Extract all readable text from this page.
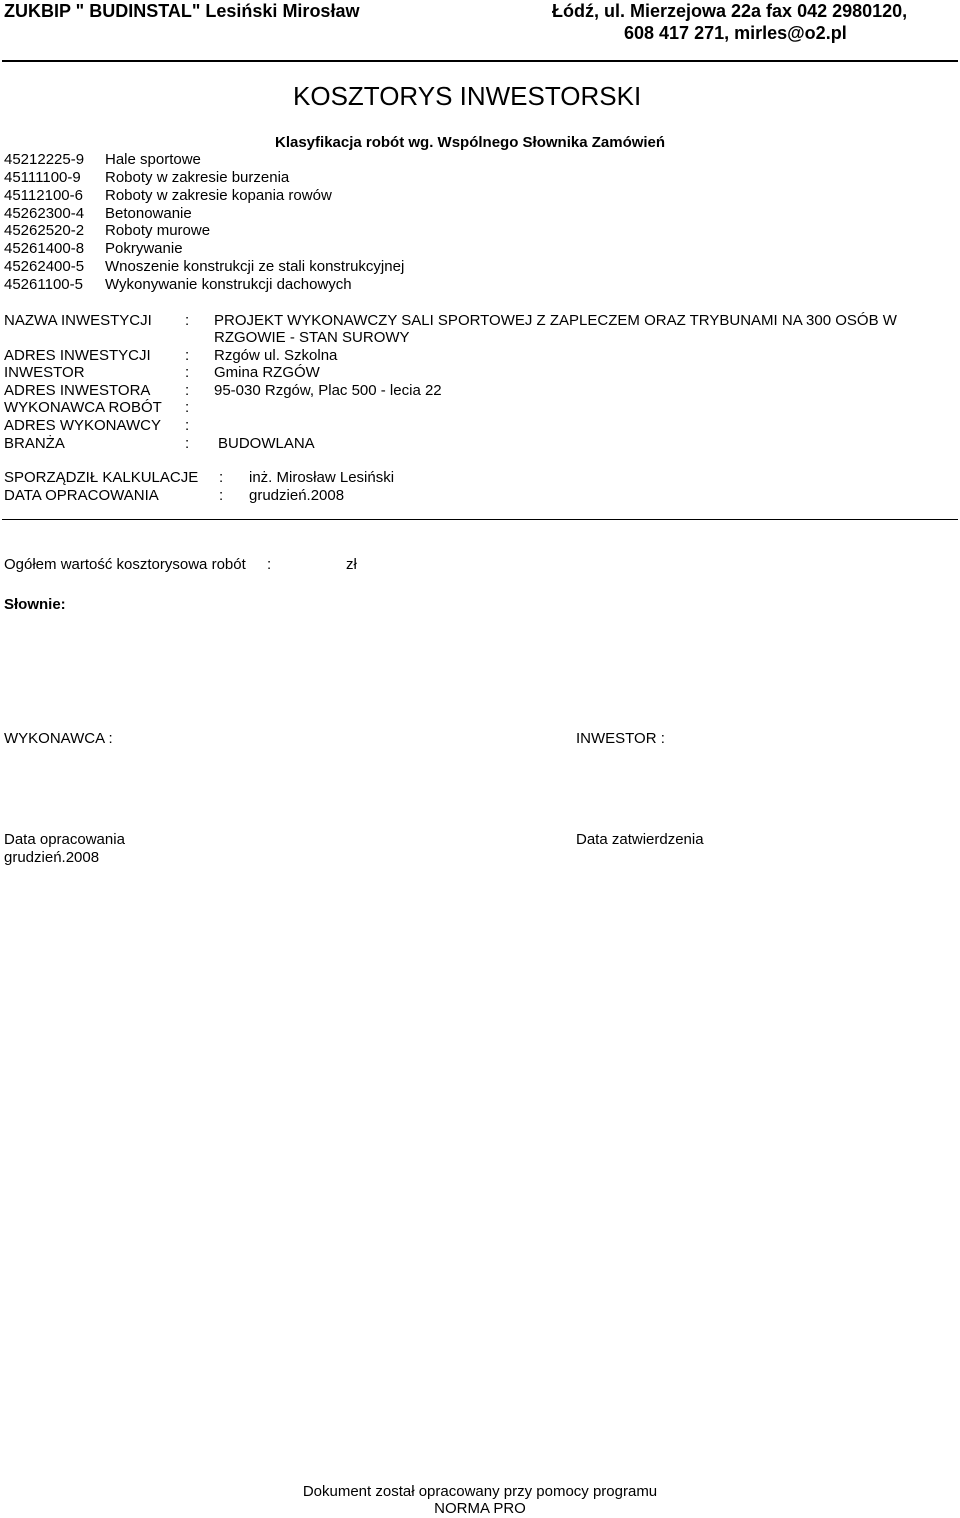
ZUKBIP " BUDINSTAL" Lesiński Mirosław	Łódź, ul. Mierzejowa 22a fax 042 2980120,
608 417 271, mirles@o2.pl
KOSZTORYS INWESTORSKI
Klasyfikacja robót wg. Wspólnego Słownika Zamówień
45212225-9 Hale sportowe
45111100-9 Roboty w zakresie burzenia
45112100-6 Roboty w zakresie kopania rowów
45262300-4 Betonowanie
45262520-2 Roboty murowe
45261400-8 Pokrywanie
45262400-5 Wnoszenie konstrukcji ze stali konstrukcyjnej
45261100-5 Wykonywanie konstrukcji dachowych
NAZWA INWESTYCJI : PROJEKT WYKONAWCZY SALI SPORTOWEJ Z ZAPLECZEM ORAZ TRYBUNAMI NA 300 OSÓB W
RZGOWIE - STAN SUROWY
ADRES INWESTYCJI : Rzgów ul. Szkolna
INWESTOR	: Gmina RZGÓW
ADRES INWESTORA : 95-030 Rzgów, Plac 500 - lecia 22
WYKONAWCA ROBÓT :
ADRES WYKONAWCY :
BRANŻA	: BUDOWLANA
SPORZĄDZIŁ KALKULACJE : inż. Mirosław Lesiński
DATA OPRACOWANIA	: grudzień.2008
Ogółem wartość kosztorysowa robót :	zł
Słownie:
WYKONAWCA :	INWESTOR :
Data opracowania
grudzień.2008
Data zatwierdzenia
Dokument został opracowany przy pomocy programu
NORMA PRO
